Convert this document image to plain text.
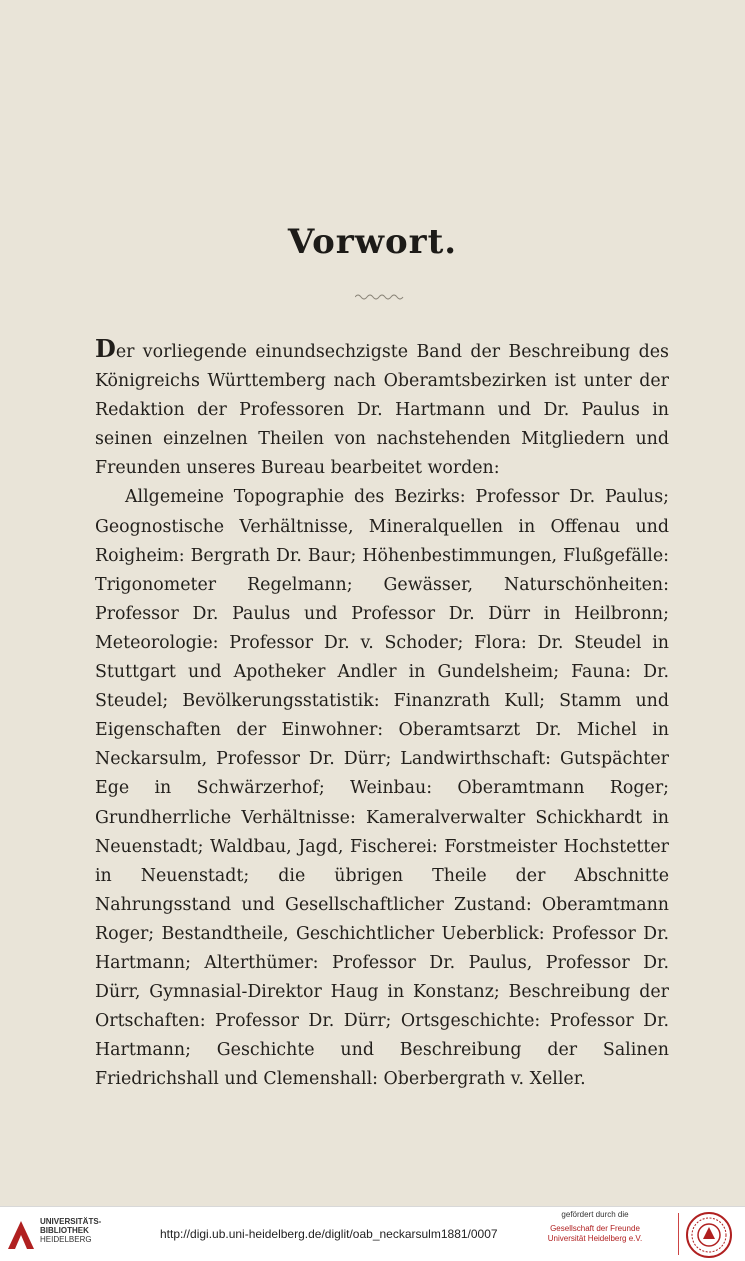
Vorwort.

Der vorliegende einundsechzigste Band der Beschreibung des Königreichs Württemberg nach Oberamtsbezirken ist unter der Redaktion der Professoren Dr. Hartmann und Dr. Paulus in seinen einzelnen Theilen von nachstehenden Mitgliedern und Freunden unseres Bureau bearbeitet worden:

Allgemeine Topographie des Bezirks: Professor Dr. Paulus; Geognostische Verhältnisse, Mineralquellen in Offenau und Roigheim: Bergrath Dr. Baur; Höhenbestimmungen, Flußgefälle: Trigonometer Regelmann; Gewässer, Naturschönheiten: Professor Dr. Paulus und Professor Dr. Dürr in Heilbronn; Meteorologie: Professor Dr. v. Schoder; Flora: Dr. Steudel in Stuttgart und Apotheker Andler in Gundelsheim; Fauna: Dr. Steudel; Bevölkerungsstatistik: Finanzrath Kull; Stamm und Eigenschaften der Einwohner: Oberamtsarzt Dr. Michel in Neckarsulm, Professor Dr. Dürr; Landwirthschaft: Gutspächter Ege in Schwärzerhof; Weinbau: Oberamtmann Roger; Grundherrliche Verhältnisse: Kameralverwalter Schickhardt in Neuenstadt; Waldbau, Jagd, Fischerei: Forstmeister Hochstetter in Neuenstadt; die übrigen Theile der Abschnitte Nahrungsstand und Gesellschaftlicher Zustand: Oberamtmann Roger; Bestandtheile, Geschichtlicher Ueberblick: Professor Dr. Hartmann; Alterthümer: Professor Dr. Paulus, Professor Dr. Dürr, Gymnasial-Direktor Haug in Konstanz; Beschreibung der Ortschaften: Professor Dr. Dürr; Ortsgeschichte: Professor Dr. Hartmann; Geschichte und Beschreibung der Salinen Friedrichshall und Clemenshall: Oberbergrath v. Xeller.

UNIVERSITÄTS-
BIBLIOTHEK
HEIDELBERG	http://digi.ub.uni-heidelberg.de/diglit/oab_neckarsulm1881/0007
gefördert durch die
Gesellschaft der Freunde
Universität Heidelberg e.V.
